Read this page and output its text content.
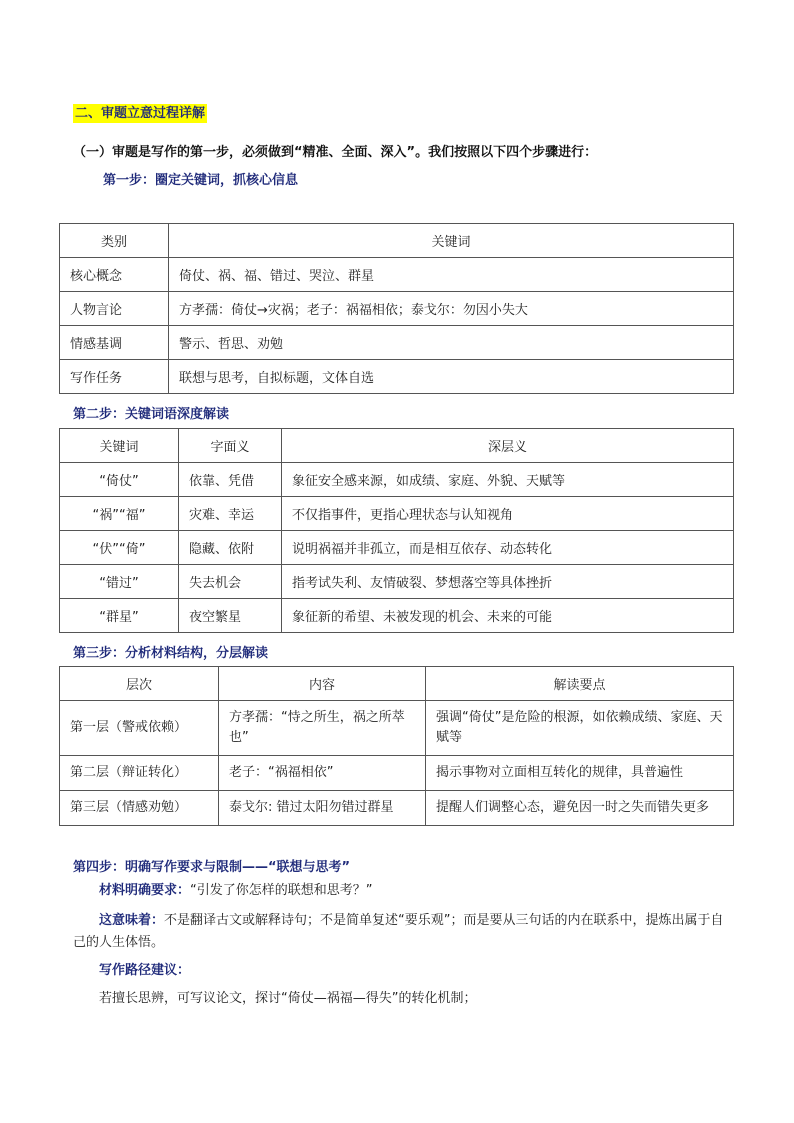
二、审题立意过程详解
（一）审题是写作的第一步，必须做到“精准、全面、深入”。我们按照以下四个步骤进行：
第一步：圈定关键词，抓核心信息
类别	关键词
核心概念	倚仗、祸、福、错过、哭泣、群星
人物言论	方孝孺：倚仗→灾祸；老子：祸福相依；泰戈尔：勿因小失大
情感基调	警示、哲思、劝勉
写作任务	联想与思考，自拟标题，文体自选
第二步：关键词语深度解读
关键词	字面义	深层义
“倚仗”	依靠、凭借	象征安全感来源，如成绩、家庭、外貌、天赋等
“祸”“福”	灾难、幸运	不仅指事件，更指心理状态与认知视角
“伏”“倚”	隐藏、依附	说明祸福并非孤立，而是相互依存、动态转化
“错过”	失去机会	指考试失利、友情破裂、梦想落空等具体挫折
“群星”	夜空繁星	象征新的希望、未被发现的机会、未来的可能
第三步：分析材料结构，分层解读
层次	内容	解读要点
第一层（警戒依赖）	方孝孺：“恃之所生，祸之所萃也”	强调“倚仗”是危险的根源，如依赖成绩、家庭、天赋等
第二层（辩证转化）	老子：“祸福相依”	揭示事物对立面相互转化的规律，具普遍性
第三层（情感劝勉）	泰戈尔: 错过太阳勿错过群星	提醒人们调整心态，避免因一时之失而错失更多
第四步：明确写作要求与限制——“联想与思考”
材料明确要求：“引发了你怎样的联想和思考？”
这意味着：不是翻译古文或解释诗句；不是简单复述“要乐观”；而是要从三句话的内在联系中，提炼出属于自己的人生体悟。
写作路径建议：
若擅长思辨，可写议论文，探讨“倚仗—祸福—得失”的转化机制；
